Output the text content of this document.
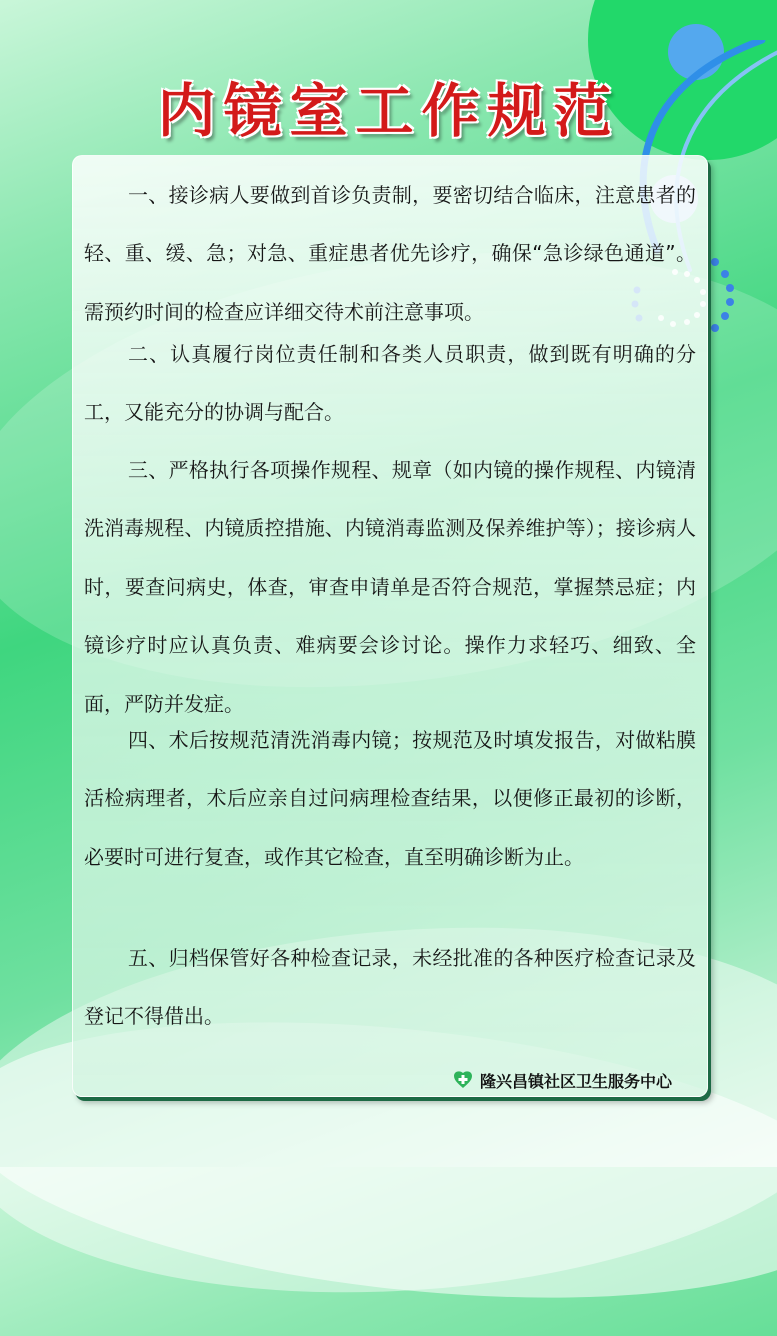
内镜室工作规范

一、接诊病人要做到首诊负责制，要密切结合临床，注意患者的轻、重、缓、急；对急、重症患者优先诊疗，确保“急诊绿色通道”。需预约时间的检查应详细交待术前注意事项。

二、认真履行岗位责任制和各类人员职责，做到既有明确的分工，又能充分的协调与配合。

三、严格执行各项操作规程、规章（如内镜的操作规程、内镜清洗消毒规程、内镜质控措施、内镜消毒监测及保养维护等）；接诊病人时，要查问病史，体查，审查申请单是否符合规范，掌握禁忌症；内镜诊疗时应认真负责、难病要会诊讨论。操作力求轻巧、细致、全面，严防并发症。

四、术后按规范清洗消毒内镜；按规范及时填发报告，对做粘膜活检病理者，术后应亲自过问病理检查结果，以便修正最初的诊断，必要时可进行复查，或作其它检查，直至明确诊断为止。

五、归档保管好各种检查记录，未经批准的各种医疗检查记录及登记不得借出。

隆兴昌镇社区卫生服务中心
